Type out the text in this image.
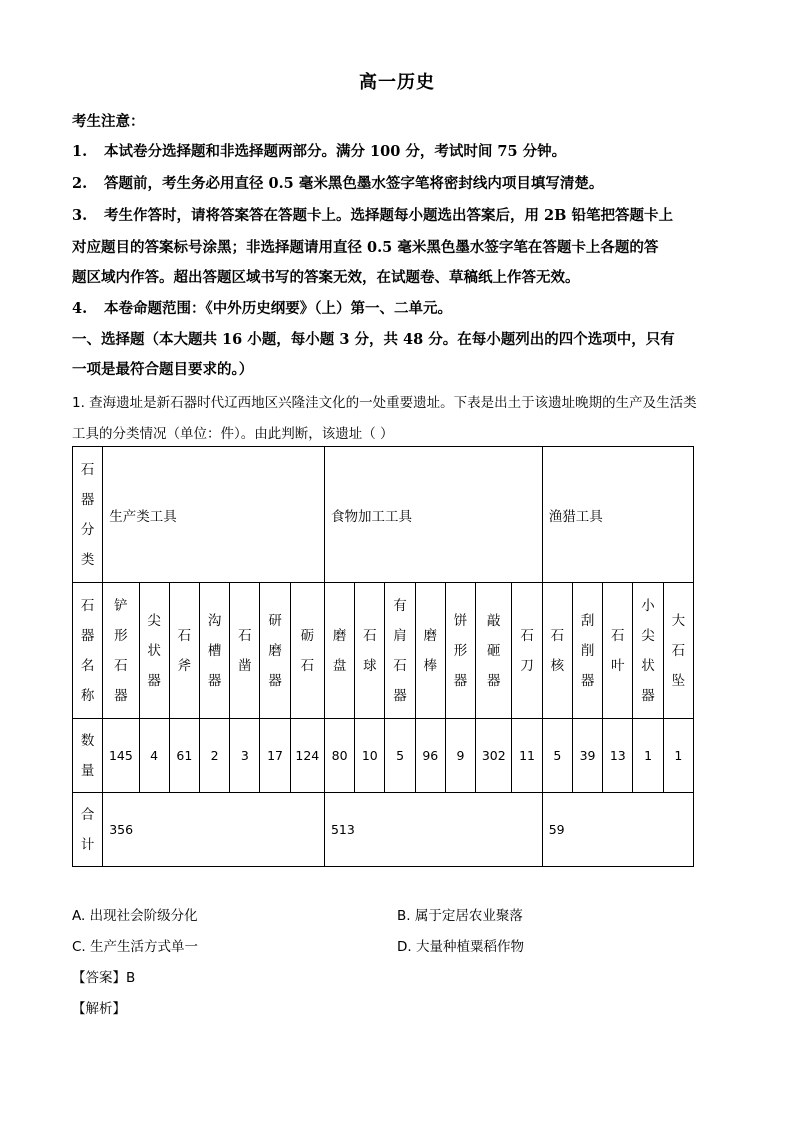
高一历史
考生注意：
1. 本试卷分选择题和非选择题两部分。满分 100 分，考试时间 75 分钟。
2. 答题前，考生务必用直径 0.5 毫米黑色墨水签字笔将密封线内项目填写清楚。
3. 考生作答时，请将答案答在答题卡上。选择题每小题选出答案后，用 2B 铅笔把答题卡上
对应题目的答案标号涂黑；非选择题请用直径 0.5 毫米黑色墨水签字笔在答题卡上各题的答
题区域内作答。超出答题区域书写的答案无效，在试题卷、草稿纸上作答无效。
4. 本卷命题范围：《中外历史纲要》（上）第一、二单元。
一、选择题（本大题共 16 小题，每小题 3 分，共 48 分。在每小题列出的四个选项中，只有
一项是最符合题目要求的。）
1. 查海遗址是新石器时代辽西地区兴隆洼文化的一处重要遗址。下表是出土于该遗址晚期的生产及生活类
工具的分类情况（单位：件）。由此判断，该遗址（ ）
石
器
分
类	生产类工具							食物加工工具							渔猎工具				

石
器
名
称	铲
形
石
器	尖
状
器	石
斧	沟
槽
器	石
凿	研
磨
器	砺
石	磨
盘	石
球	有
肩
石
器	磨
棒	饼
形
器	敲
砸
器	石
刀	石
核	刮
削
器	石
叶	小
尖
状
器	大
石
坠

数
量	145	4	61	2	3	17	124	80	10	5	96	9	302	11	5	39	13	1	1

合
计	356							513							59				
A. 出现社会阶级分化	B. 属于定居农业聚落
C. 生产生活方式单一	D. 大量种植粟稻作物
【答案】B
【解析】
